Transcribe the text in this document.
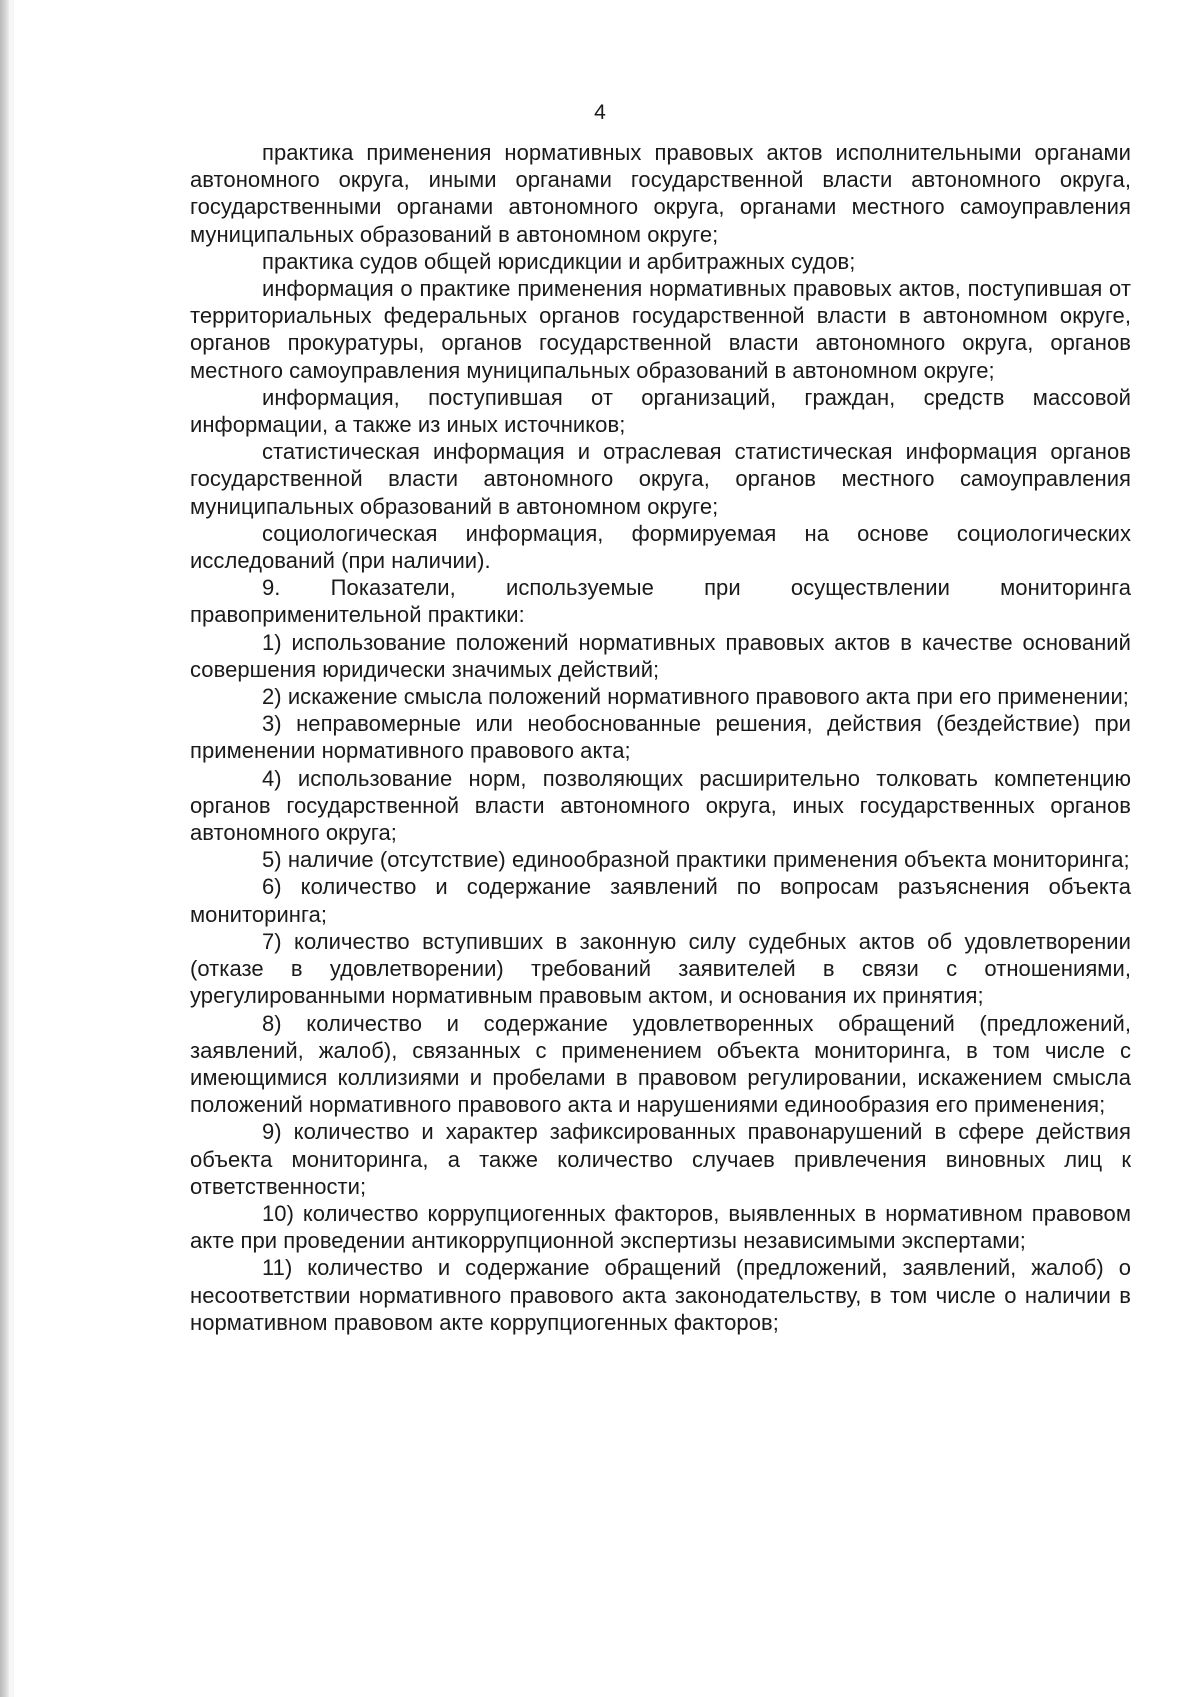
4

практика применения нормативных правовых актов исполнительными органами автономного округа, иными органами государственной власти автономного округа, государственными органами автономного округа, органами местного самоуправления муниципальных образований в автономном округе;

практика судов общей юрисдикции и арбитражных судов;

информация о практике применения нормативных правовых актов, поступившая от территориальных федеральных органов государственной власти в автономном округе, органов прокуратуры, органов государственной власти автономного округа, органов местного самоуправления муниципальных образований в автономном округе;

информация, поступившая от организаций, граждан, средств массовой информации, а также из иных источников;

статистическая информация и отраслевая статистическая информация органов государственной власти автономного округа, органов местного самоуправления муниципальных образований в автономном округе;

социологическая информация, формируемая на основе социологических исследований (при наличии).

9. Показатели, используемые при осуществлении мониторинга правоприменительной практики:

1) использование положений нормативных правовых актов в качестве оснований совершения юридически значимых действий;

2) искажение смысла положений нормативного правового акта при его применении;

3) неправомерные или необоснованные решения, действия (бездействие) при применении нормативного правового акта;

4) использование норм, позволяющих расширительно толковать компетенцию органов государственной власти автономного округа, иных государственных органов автономного округа;

5) наличие (отсутствие) единообразной практики применения объекта мониторинга;

6) количество и содержание заявлений по вопросам разъяснения объекта мониторинга;

7) количество вступивших в законную силу судебных актов об удовлетворении (отказе в удовлетворении) требований заявителей в связи с отношениями, урегулированными нормативным правовым актом, и основания их принятия;

8) количество и содержание удовлетворенных обращений (предложений, заявлений, жалоб), связанных с применением объекта мониторинга, в том числе с имеющимися коллизиями и пробелами в правовом регулировании, искажением смысла положений нормативного правового акта и нарушениями единообразия его применения;

9) количество и характер зафиксированных правонарушений в сфере действия объекта мониторинга, а также количество случаев привлечения виновных лиц к ответственности;

10) количество коррупциогенных факторов, выявленных в нормативном правовом акте при проведении антикоррупционной экспертизы независимыми экспертами;

11) количество и содержание обращений (предложений, заявлений, жалоб) о несоответствии нормативного правового акта законодательству, в том числе о наличии в нормативном правовом акте коррупциогенных факторов;
